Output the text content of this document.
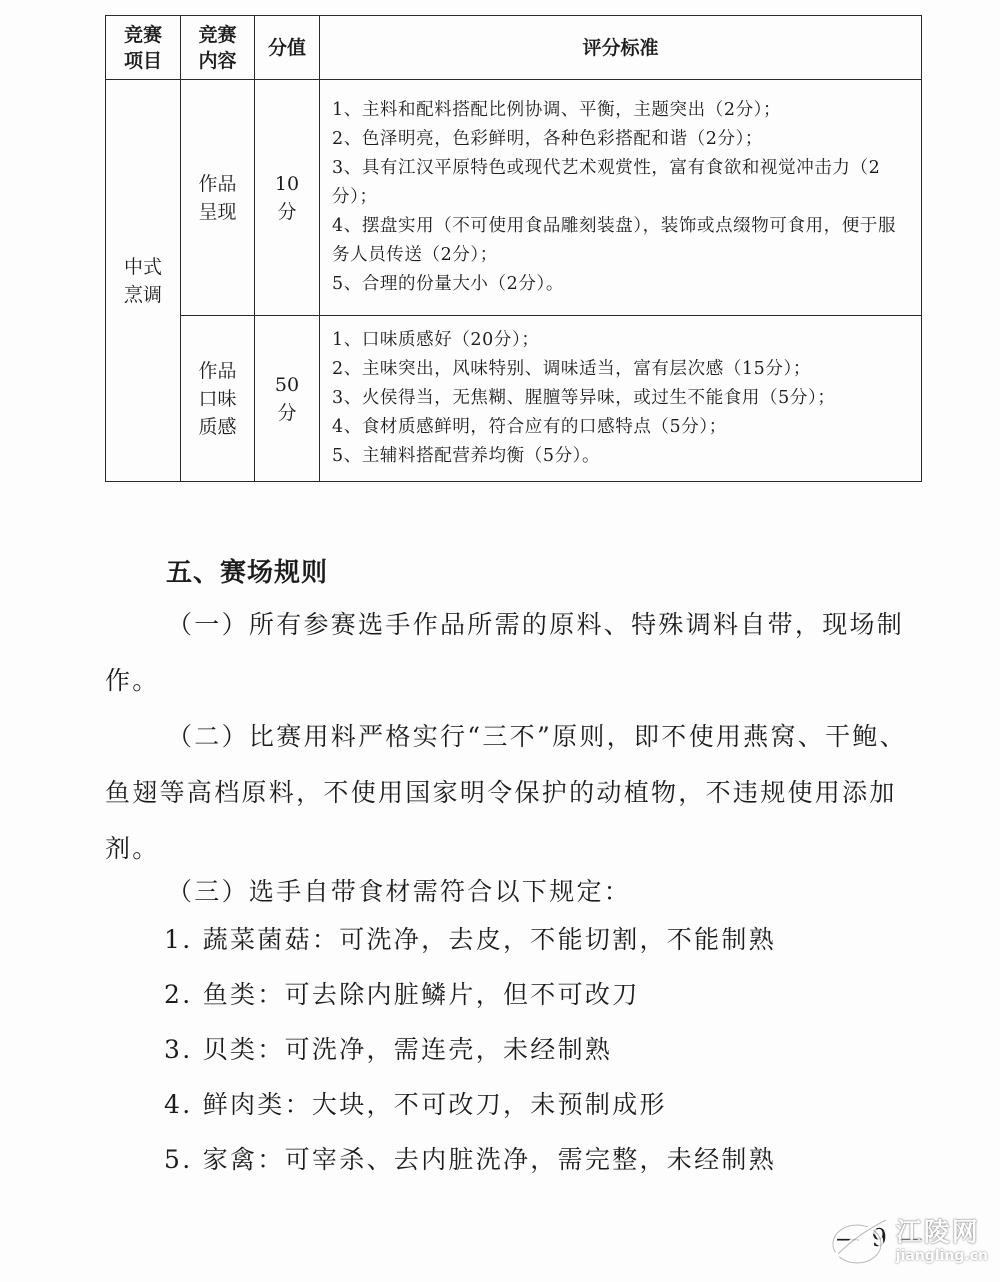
竞赛项目	竞赛内容	分值	评分标准
中式烹调	作品呈现	10分	1、主料和配料搭配比例协调、平衡，主题突出（2分）；
2、色泽明亮，色彩鲜明，各种色彩搭配和谐（2分）；
3、具有江汉平原特色或现代艺术观赏性，富有食欲和视觉冲击力（2分）；
4、摆盘实用（不可使用食品雕刻装盘），装饰或点缀物可食用，便于服务人员传送（2分）；
5、合理的份量大小（2分）。

	作品口味质感	50分	1、口味质感好（20分）；
2、主味突出，风味特别、调味适当，富有层次感（15分）；
3、火侯得当，无焦糊、腥膻等异味，或过生不能食用（5分）；
4、食材质感鲜明，符合应有的口感特点（5分）；
5、主辅料搭配营养均衡（5分）。
五、赛场规则

（一）所有参赛选手作品所需的原料、特殊调料自带，现场制作。

（二）比赛用料严格实行“三不”原则，即不使用燕窝、干鲍、鱼翅等高档原料，不使用国家明令保护的动植物，不违规使用添加剂。

（三）选手自带食材需符合以下规定：

1. 蔬菜菌菇：可洗净，去皮，不能切割，不能制熟
2. 鱼类：可去除内脏鳞片，但不可改刀
3. 贝类：可洗净，需连壳，未经制熟
4. 鲜肉类：大块，不可改刀，未预制成形
5. 家禽：可宰杀、去内脏洗净，需完整，未经制熟
— 9 —
江陵网
jiangling.cn
